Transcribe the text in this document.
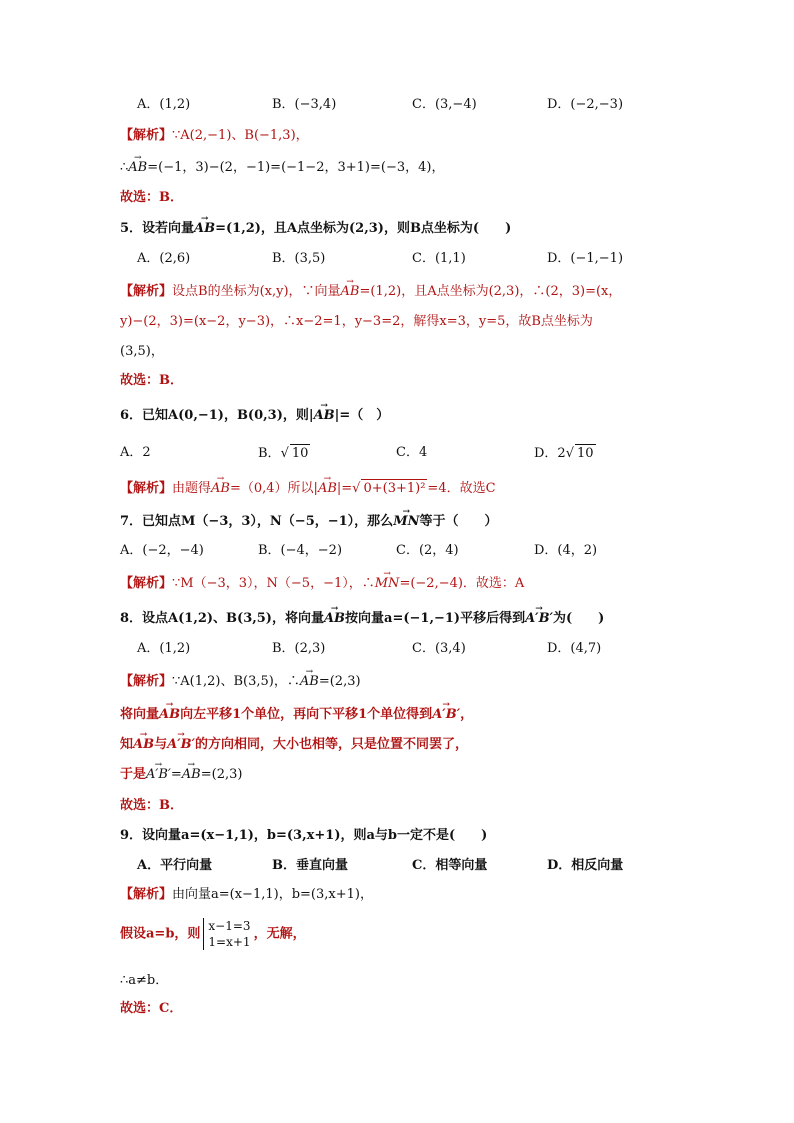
A．(1,2)	B．(−3,4)	C．(3,−4)	D．(−2,−3)
【解析】∵A(2,−1)、B(−1,3)，
∴→ AB=(−1，3)−(2，−1)=(−1−2，3+1)=(−3，4)，
故选：B．
5．设若向量→ AB=(1,2)，且A点坐标为(2,3)，则B点坐标为(　　)
A．(2,6)	B．(3,5)	C．(1,1)	D．(−1,−1)
【解析】设点B的坐标为(x,y)，∵向量→ AB=(1,2)，且A点坐标为(2,3)，∴(2，3)=(x，
y)−(2，3)=(x−2，y−3)，∴x−2=1，y−3=2，解得x=3，y=5，故B点坐标为
(3,5)，
故选：B．
6．已知A(0,−1)，B(0,3)，则|→ AB|=（　）
A．2	B．√ 10	C．4	D．2√ 10
【解析】由题得→ AB=（0,4）所以|→ AB|=√ 0+(3+1)² =4．故选C
7．已知点M（−3，3），N（−5，−1），那么→ MN等于（　　）
A．(−2，−4)	B．(−4，−2)	C．(2，4)	D．(4，2)
【解析】∵M（−3，3），N（−5，−1），∴→ MN=(−2,−4)．故选：A
8．设点A(1,2)、B(3,5)，将向量→ AB按向量a=(−1,−1)平移后得到→ A′B′为(　　)
A．(1,2)	B．(2,3)	C．(3,4)	D．(4,7)
【解析】∵A(1,2)、B(3,5)，∴→ AB=(2,3)
将向量→ AB向左平移1个单位，再向下平移1个单位得到→ A′B′，
知→ AB与→ A′B′的方向相同，大小也相等，只是位置不同罢了，
于是→ A′B′=→ AB=(2,3)
故选：B．
9．设向量a=(x−1,1)，b=(3,x+1)，则a与b一定不是(　　)
A．平行向量	B．垂直向量	C．相等向量	D．相反向量
【解析】由向量a=(x−1,1)，b=(3,x+1)，
假设a=b，则
x−1=3
1=x+1
，无解，
∴a≠b．
故选：C．
